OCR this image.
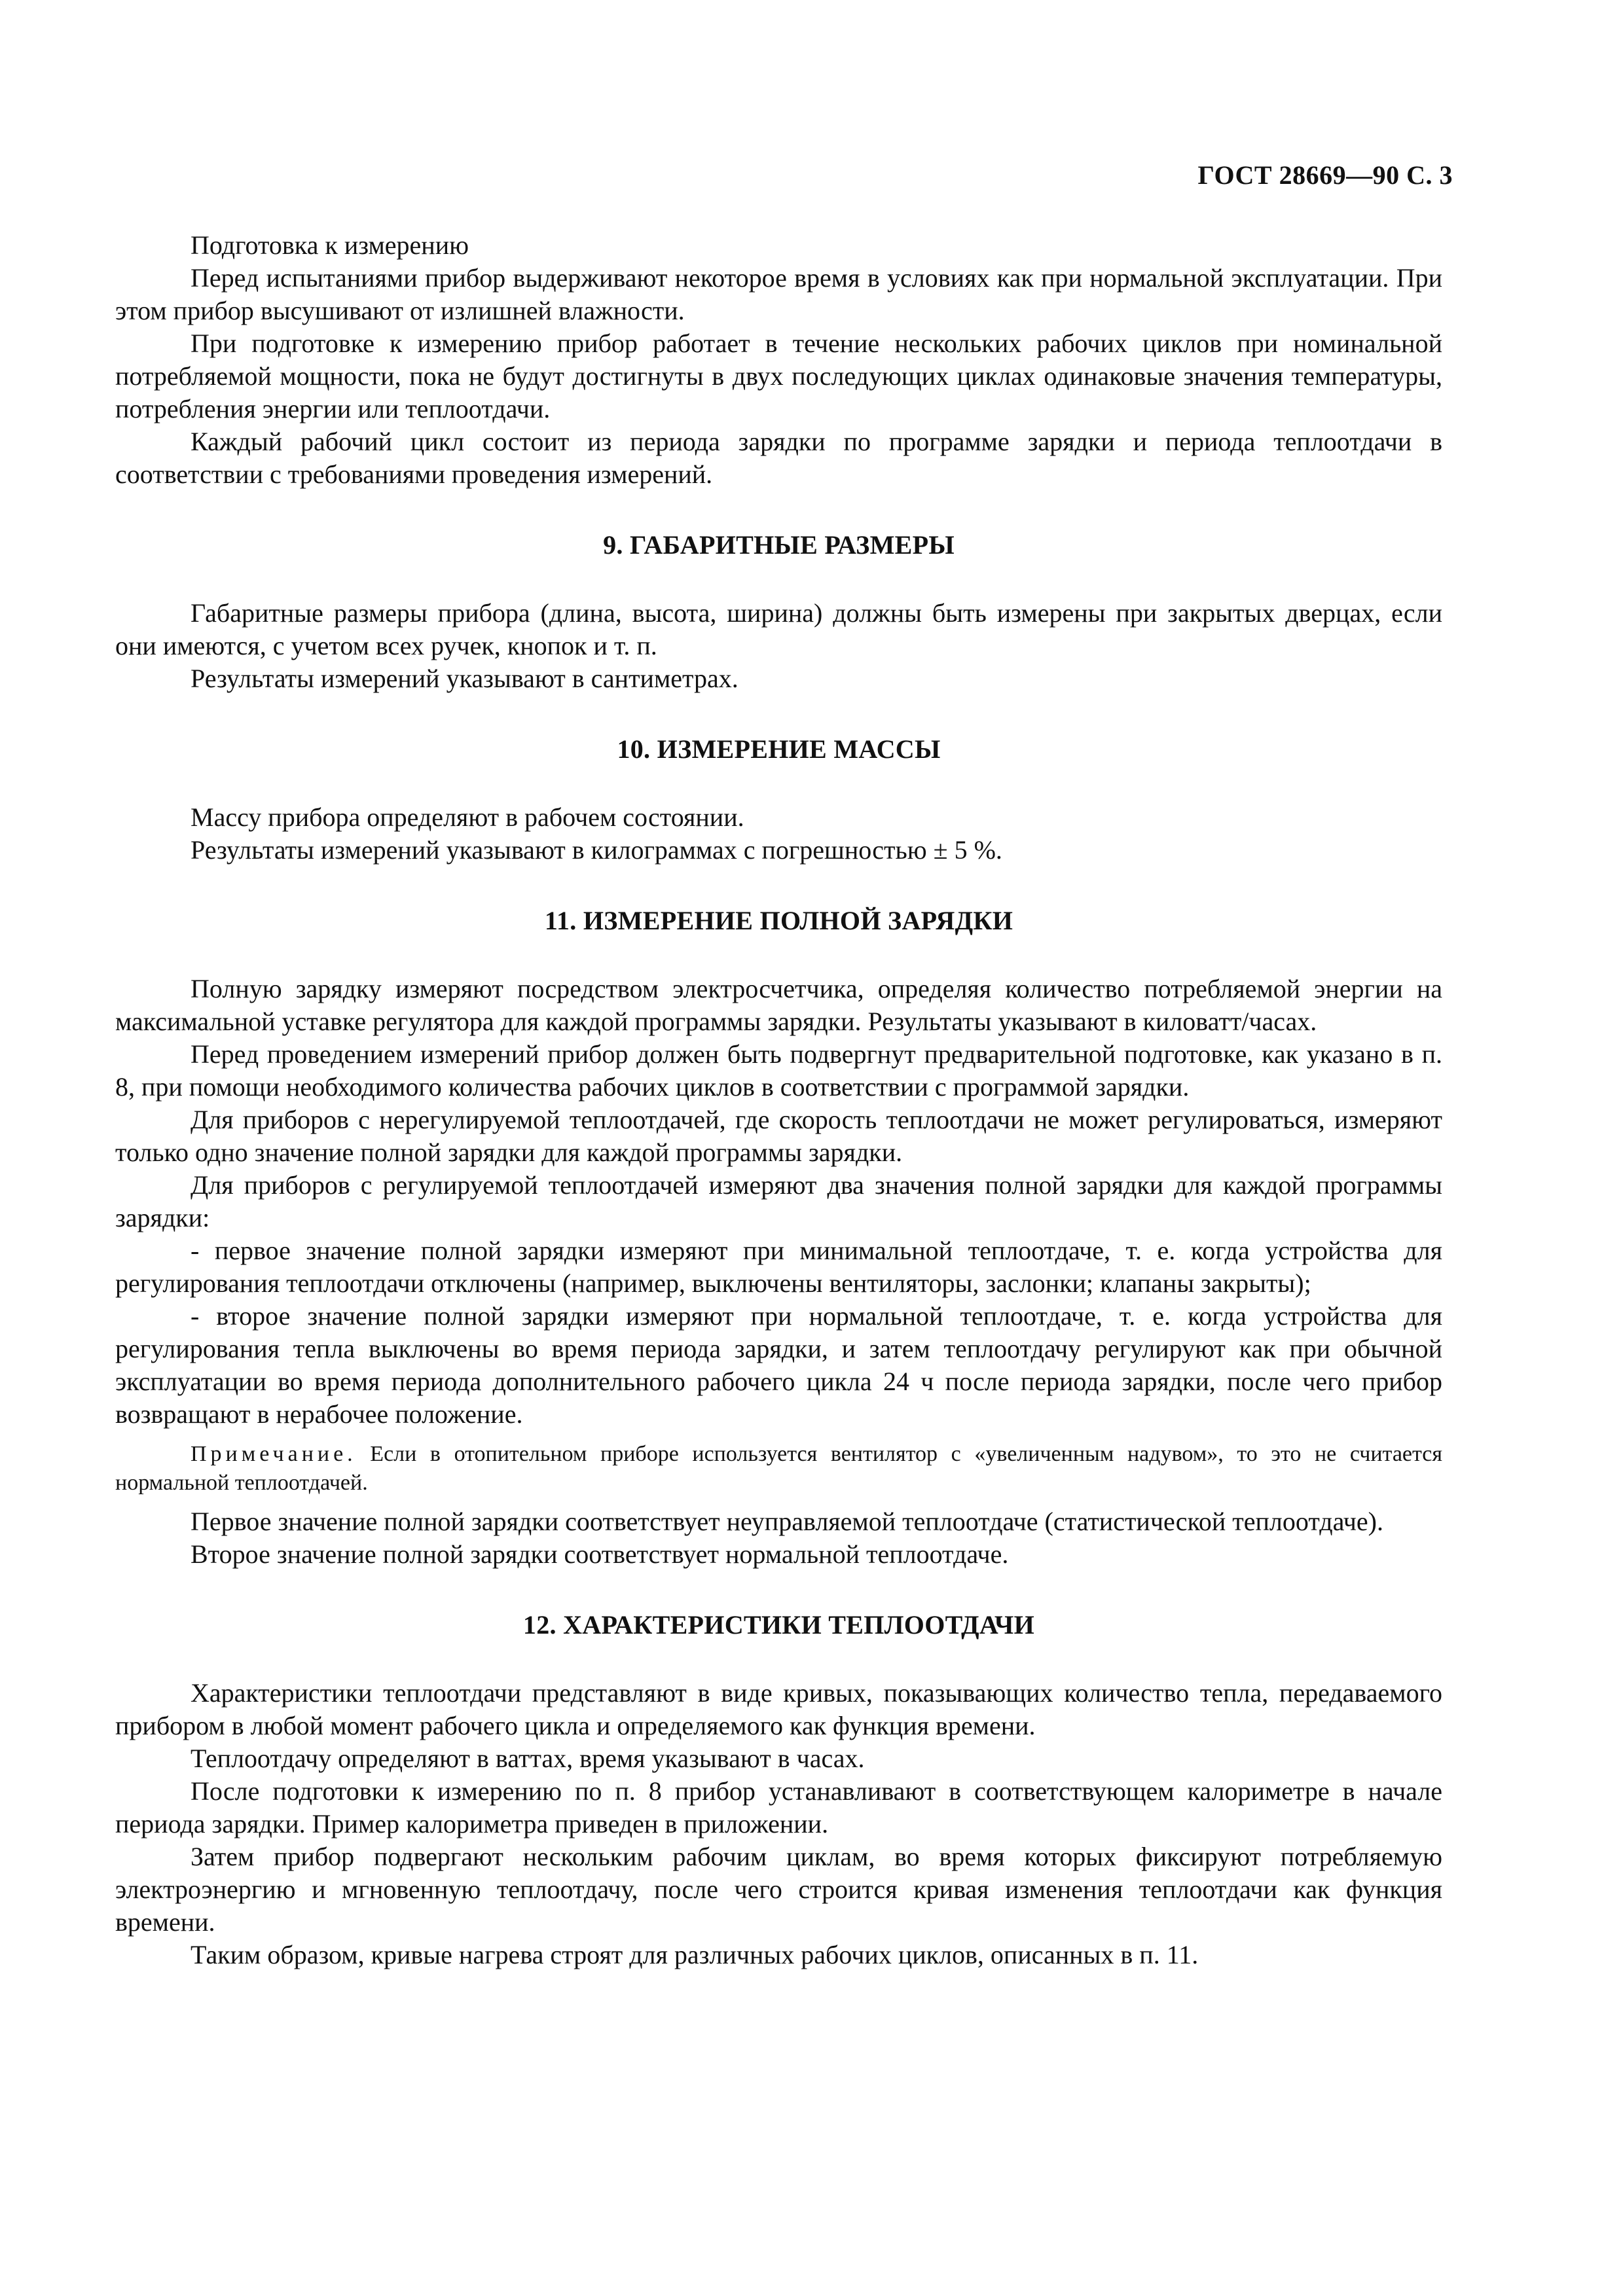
ГОСТ 28669—90 С. 3

Подготовка к измерению

Перед испытаниями прибор выдерживают некоторое время в условиях как при нормальной эксплуатации. При этом прибор высушивают от излишней влажности.

При подготовке к измерению прибор работает в течение нескольких рабочих циклов при номинальной потребляемой мощности, пока не будут достигнуты в двух последующих циклах одинаковые значения температуры, потребления энергии или теплоотдачи.

Каждый рабочий цикл состоит из периода зарядки по программе зарядки и периода теплоотдачи в соответствии с требованиями проведения измерений.

9. ГАБАРИТНЫЕ РАЗМЕРЫ

Габаритные размеры прибора (длина, высота, ширина) должны быть измерены при закрытых дверцах, если они имеются, с учетом всех ручек, кнопок и т. п.

Результаты измерений указывают в сантиметрах.

10. ИЗМЕРЕНИЕ МАССЫ

Массу прибора определяют в рабочем состоянии.

Результаты измерений указывают в килограммах с погрешностью ± 5 %.

11. ИЗМЕРЕНИЕ ПОЛНОЙ ЗАРЯДКИ

Полную зарядку измеряют посредством электросчетчика, определяя количество потребляемой энергии на максимальной уставке регулятора для каждой программы зарядки. Результаты указывают в киловатт/часах.

Перед проведением измерений прибор должен быть подвергнут предварительной подготовке, как указано в п. 8, при помощи необходимого количества рабочих циклов в соответствии с программой зарядки.

Для приборов с нерегулируемой теплоотдачей, где скорость теплоотдачи не может регулироваться, измеряют только одно значение полной зарядки для каждой программы зарядки.

Для приборов с регулируемой теплоотдачей измеряют два значения полной зарядки для каждой программы зарядки:

- первое значение полной зарядки измеряют при минимальной теплоотдаче, т. е. когда устройства для регулирования теплоотдачи отключены (например, выключены вентиляторы, заслонки; клапаны закрыты);

- второе значение полной зарядки измеряют при нормальной теплоотдаче, т. е. когда устройства для регулирования тепла выключены во время периода зарядки, и затем теплоотдачу регулируют как при обычной эксплуатации во время периода дополнительного рабочего цикла 24 ч после периода зарядки, после чего прибор возвращают в нерабочее положение.

Примечание. Если в отопительном приборе используется вентилятор с «увеличенным надувом», то это не считается нормальной теплоотдачей.

Первое значение полной зарядки соответствует неуправляемой теплоотдаче (статистической теплоотдаче).

Второе значение полной зарядки соответствует нормальной теплоотдаче.

12. ХАРАКТЕРИСТИКИ ТЕПЛООТДАЧИ

Характеристики теплоотдачи представляют в виде кривых, показывающих количество тепла, передаваемого прибором в любой момент рабочего цикла и определяемого как функция времени.

Теплоотдачу определяют в ваттах, время указывают в часах.

После подготовки к измерению по п. 8 прибор устанавливают в соответствующем калориметре в начале периода зарядки. Пример калориметра приведен в приложении.

Затем прибор подвергают нескольким рабочим циклам, во время которых фиксируют потребляемую электроэнергию и мгновенную теплоотдачу, после чего строится кривая изменения теплоотдачи как функция времени.

Таким образом, кривые нагрева строят для различных рабочих циклов, описанных в п. 11.
